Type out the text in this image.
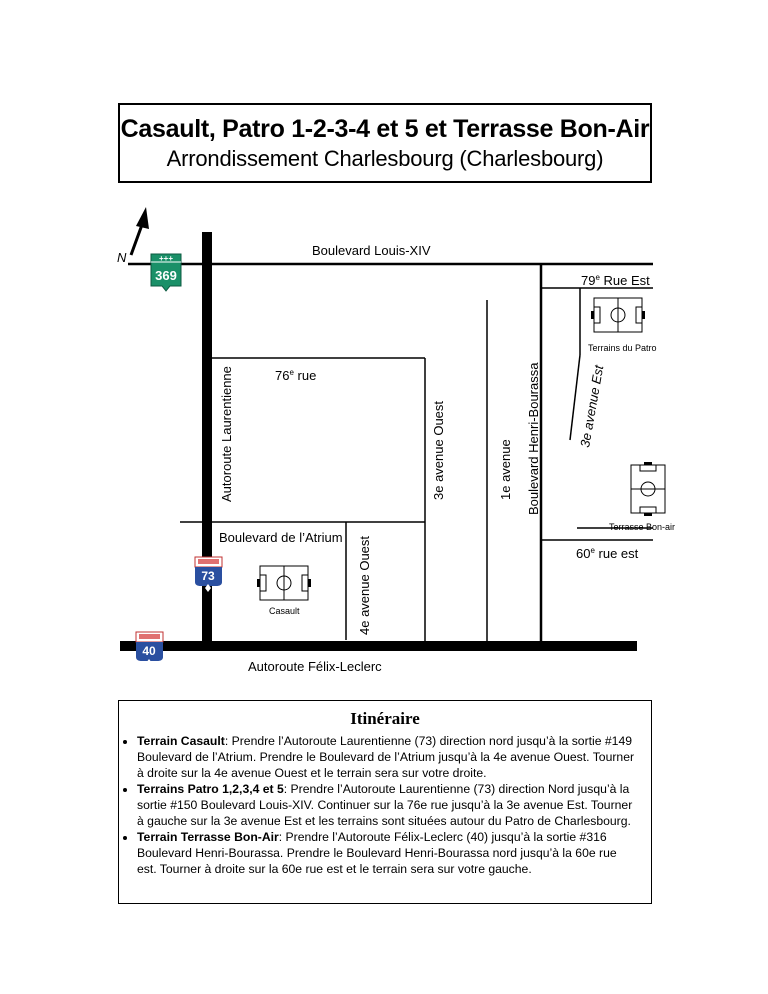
Casault, Patro 1-2-3-4 et 5 et Terrasse Bon-Air
Arrondissement Charlesbourg (Charlesbourg)
N	Boulevard Louis-XIV
79e Rue Est
76e rue
Autoroute Laurentienne	3e avenue Ouest	1e avenue Boulevard Henri-Bourassa	3e avenue Est
Boulevard de l’Atrium 4e avenue Ouest	60e rue est
Autoroute Félix-Leclerc
Terrains du Patro
Terrasse Bon-air
Casault
+++
369
73
40
Itinéraire
• Terrain Casault: Prendre l’Autoroute Laurentienne (73) direction nord jusqu’à la sortie #149 Boulevard de l’Atrium. Prendre le Boulevard de l’Atrium jusqu’à la 4e avenue Ouest. Tourner à droite sur la 4e avenue Ouest et le terrain sera sur votre droite.
• Terrains Patro 1,2,3,4 et 5: Prendre l’Autoroute Laurentienne (73) direction Nord jusqu’à la sortie #150 Boulevard Louis-XIV. Continuer sur la 76e rue jusqu’à la 3e avenue Est. Tourner à gauche sur la 3e avenue Est et les terrains sont situées autour du Patro de Charlesbourg.
• Terrain Terrasse Bon-Air: Prendre l’Autoroute Félix-Leclerc (40) jusqu’à la sortie #316 Boulevard Henri-Bourassa. Prendre le Boulevard Henri-Bourassa nord jusqu’à la 60e rue est. Tourner à droite sur la 60e rue est et le terrain sera sur votre gauche.
